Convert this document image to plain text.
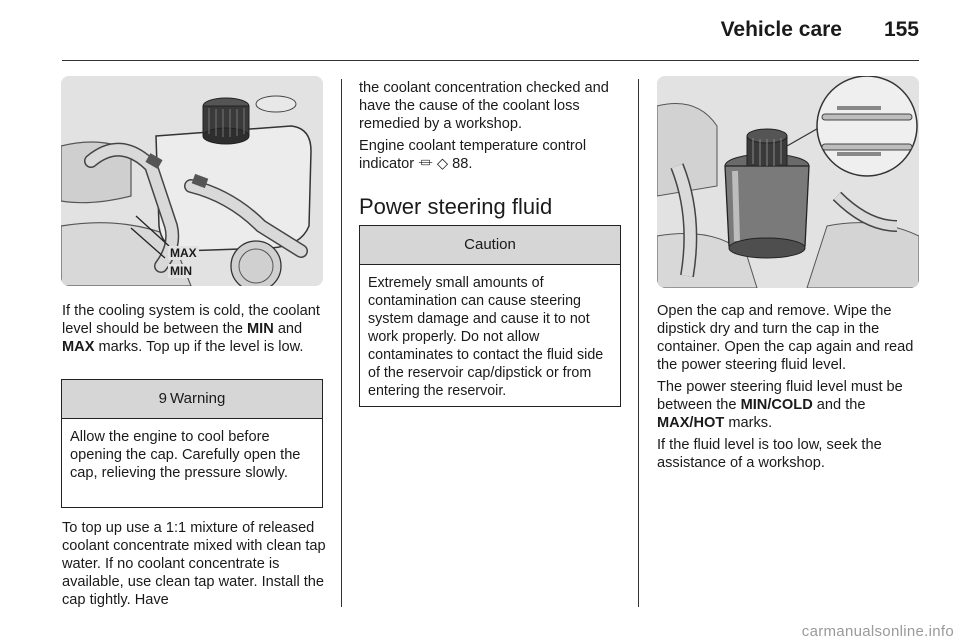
Vehicle care 155
MAX
MIN

If the cooling system is cold, the coolant level should be between the MIN and MAX marks. Top up if the level is low.

9 Warning

Allow the engine to cool before opening the cap. Carefully open the cap, relieving the pressure slowly.

To top up use a 1:1 mixture of released coolant concentrate mixed with clean tap water. If no coolant concentrate is available, use clean tap water. Install the cap tightly. Have

the coolant concentration checked and have the cause of the coolant loss remedied by a workshop.

Engine coolant temperature control indicator ⏛ ◇ 88.

Power steering fluid
Caution

Extremely small amounts of contamination can cause steering system damage and cause it to not work properly. Do not allow contaminates to contact the fluid side of the reservoir cap/dipstick or from entering the reservoir.

Open the cap and remove. Wipe the dipstick dry and turn the cap in the container. Open the cap again and read the power steering fluid level.

The power steering fluid level must be between the MIN/COLD and the MAX/HOT marks.

If the fluid level is too low, seek the assistance of a workshop.

carmanualsonline.info
